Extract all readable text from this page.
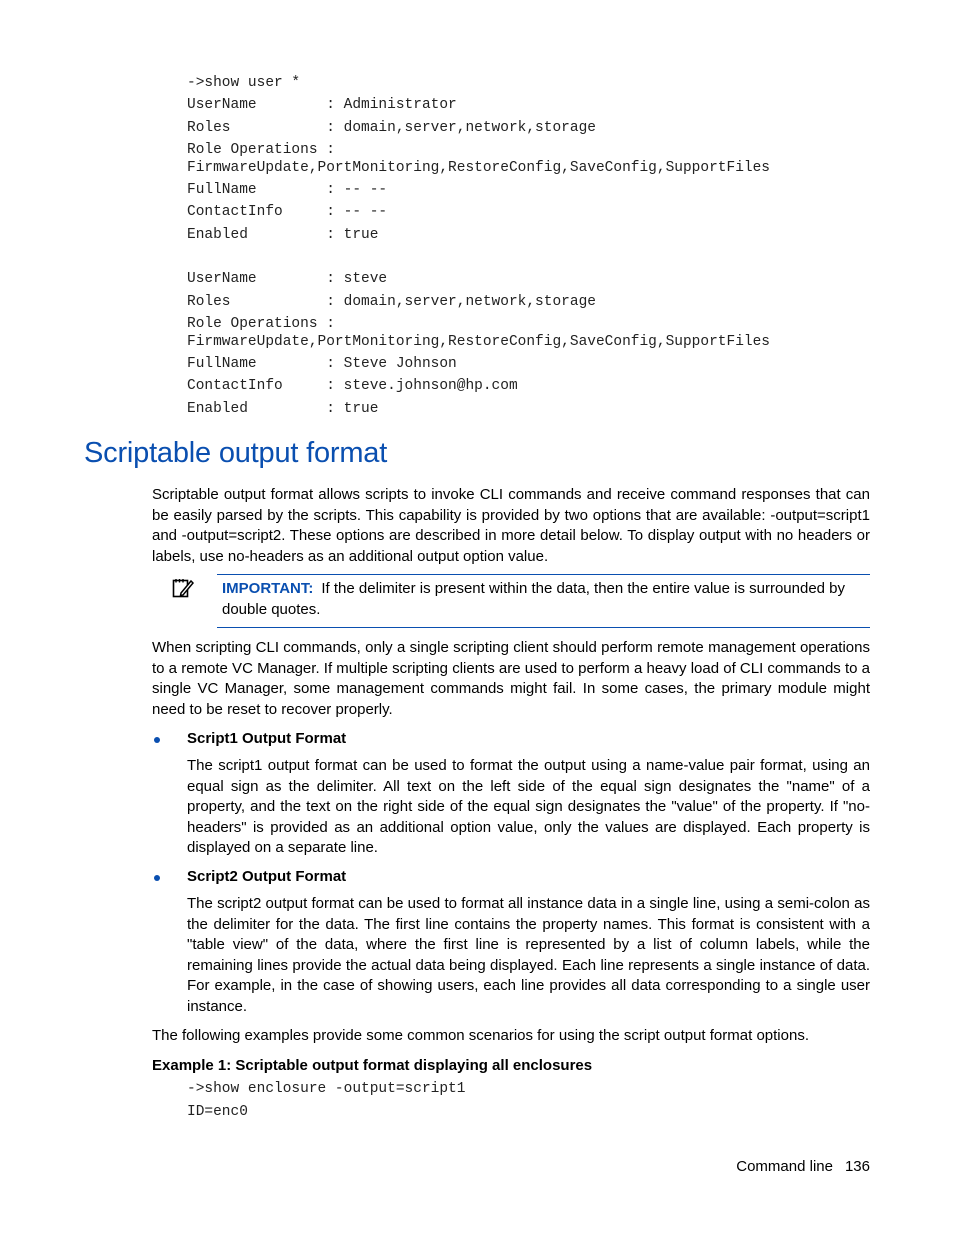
->show user *

UserName        : Administrator

Roles           : domain,server,network,storage

Role Operations :

FirmwareUpdate,PortMonitoring,RestoreConfig,SaveConfig,SupportFiles

FullName        : -- --

ContactInfo     : -- --

Enabled         : true

UserName        : steve

Roles           : domain,server,network,storage

Role Operations :

FirmwareUpdate,PortMonitoring,RestoreConfig,SaveConfig,SupportFiles

FullName        : Steve Johnson

ContactInfo     : steve.johnson@hp.com

Enabled         : true

Scriptable output format

Scriptable output format allows scripts to invoke CLI commands and receive command responses that can be easily parsed by the scripts. This capability is provided by two options that are available: -output=script1 and -output=script2. These options are described in more detail below. To display output with no headers or labels, use no-headers as an additional output option value.

IMPORTANT: If the delimiter is present within the data, then the entire value is surrounded by double quotes.

When scripting CLI commands, only a single scripting client should perform remote management operations to a remote VC Manager. If multiple scripting clients are used to perform a heavy load of CLI commands to a single VC Manager, some management commands might fail. In some cases, the primary module might need to be reset to recover properly.

Script1 Output Format

The script1 output format can be used to format the output using a name-value pair format, using an equal sign as the delimiter. All text on the left side of the equal sign designates the "name" of a property, and the text on the right side of the equal sign designates the "value" of the property. If "no-headers" is provided as an additional option value, only the values are displayed. Each property is displayed on a separate line.

Script2 Output Format

The script2 output format can be used to format all instance data in a single line, using a semi-colon as the delimiter for the data. The first line contains the property names. This format is consistent with a "table view" of the data, where the first line is represented by a list of column labels, while the remaining lines provide the actual data being displayed. Each line represents a single instance of data. For example, in the case of showing users, each line provides all data corresponding to a single user instance.

The following examples provide some common scenarios for using the script output format options.

Example 1: Scriptable output format displaying all enclosures

->show enclosure -output=script1

ID=enc0

Command line 136
